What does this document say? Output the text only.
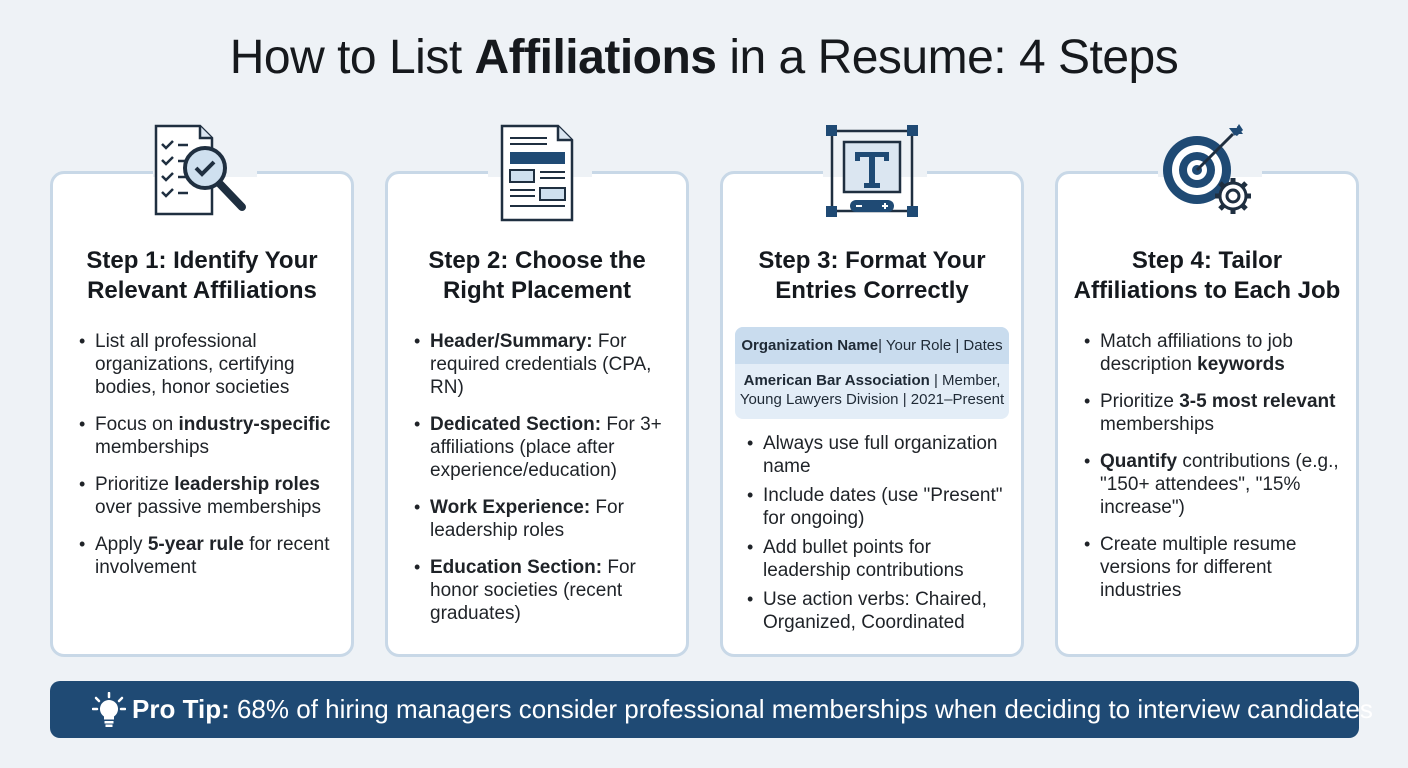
How to List Affiliations in a Resume: 4 Steps
Step 1: Identify Your
Relevant Affiliations
• List all professional organizations, certifying bodies, honor societies
• Focus on industry-specific memberships
• Prioritize leadership roles over passive memberships
• Apply 5-year rule for recent involvement
Step 2: Choose the
Right Placement
• Header/Summary: For required credentials (CPA, RN)
• Dedicated Section: For 3+ affiliations (place after experience/education)
• Work Experience: For leadership roles
• Education Section: For honor societies (recent graduates)
Step 3: Format Your
Entries Correctly
Organization Name | Your Role | Dates
American Bar Association | Member,
Young Lawyers Division | 2021–Present
• Always use full organization name
• Include dates (use "Present" for ongoing)
• Add bullet points for leadership contributions
• Use action verbs: Chaired, Organized, Coordinated
Step 4: Tailor
Affiliations to Each Job
• Match affiliations to job description keywords
• Prioritize 3-5 most relevant memberships
• Quantify contributions (e.g., "150+ attendees", "15% increase")
• Create multiple resume versions for different industries
Pro Tip: 68% of hiring managers consider professional memberships when deciding to interview candidates
